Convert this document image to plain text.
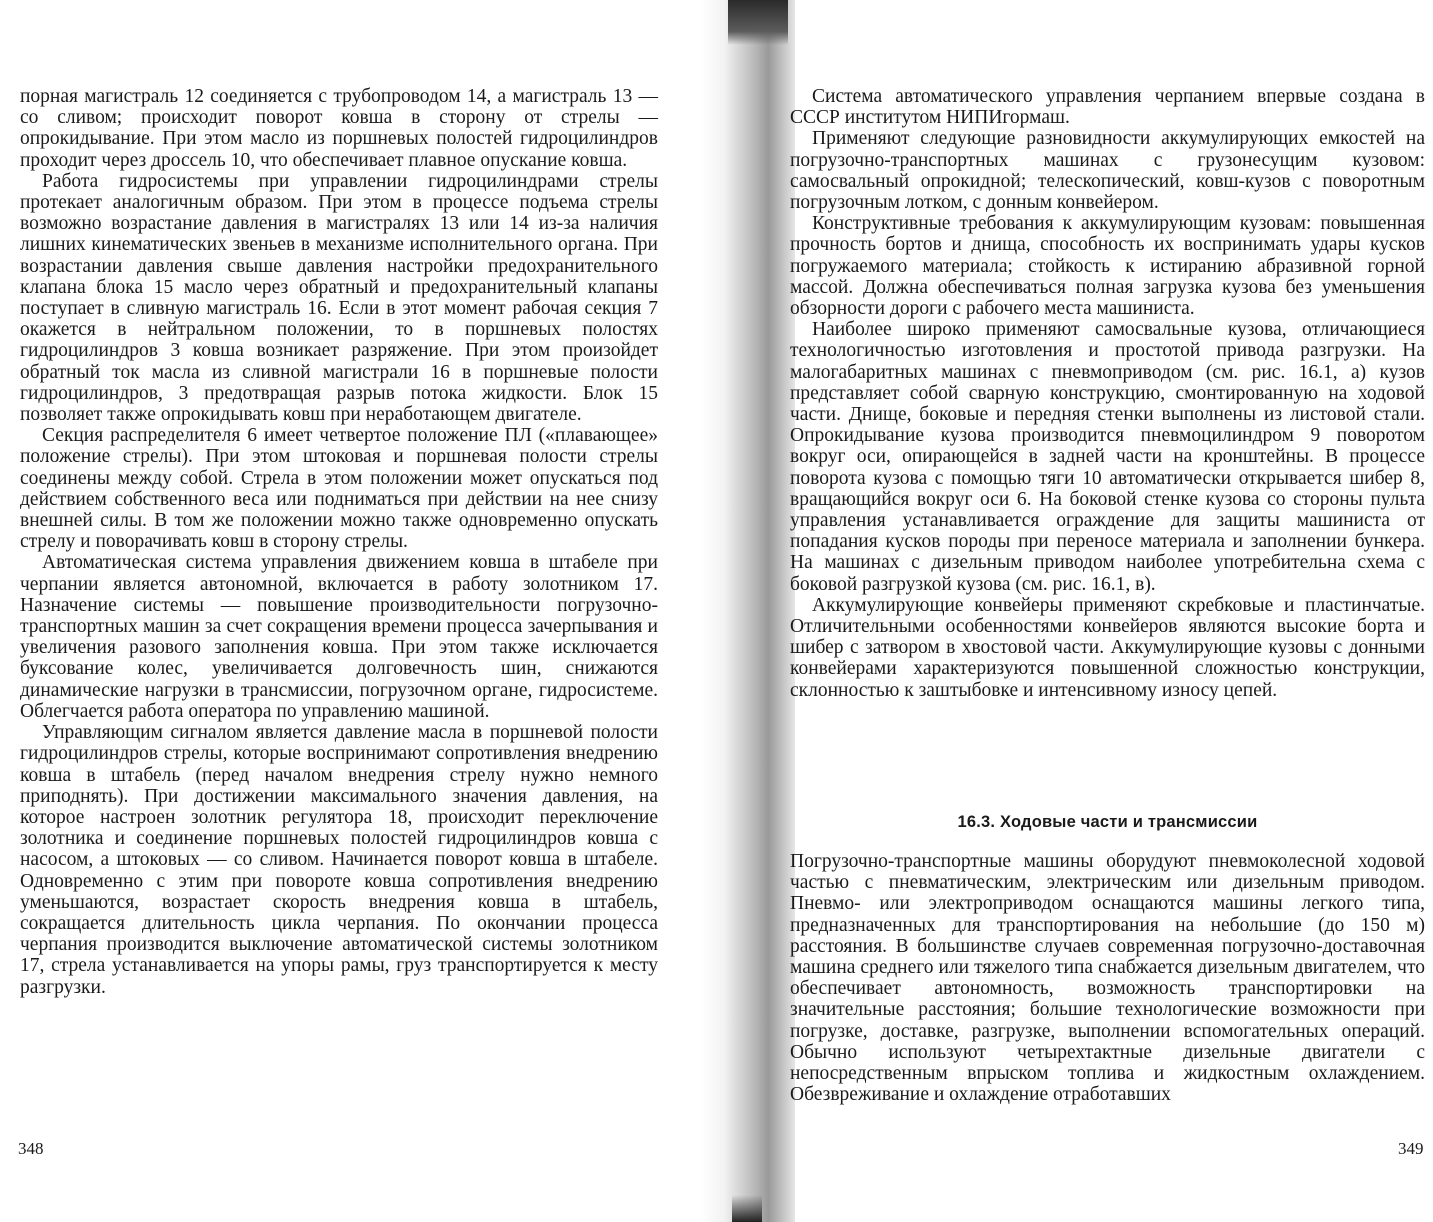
порная магистраль 12 соединяется с трубопроводом 14, а магистраль 13 — со сливом; происходит поворот ковша в сторону от стрелы — опрокидывание. При этом масло из поршневых полостей гидроцилиндров проходит через дроссель 10, что обеспечивает плавное опускание ковша.

Работа гидросистемы при управлении гидроцилиндрами стрелы протекает аналогичным образом. При этом в процессе подъема стрелы возможно возрастание давления в магистралях 13 или 14 из-за наличия лишних кинематических звеньев в механизме исполнительного органа. При возрастании давления свыше давления настройки предохранительного клапана блока 15 масло через обратный и предохранительный клапаны поступает в сливную магистраль 16. Если в этот момент рабочая секция 7 окажется в нейтральном положении, то в поршневых полостях гидроцилиндров 3 ковша возникает разряжение. При этом произойдет обратный ток масла из сливной магистрали 16 в поршневые полости гидроцилиндров, 3 предотвращая разрыв потока жидкости. Блок 15 позволяет также опрокидывать ковш при неработающем двигателе.

Секция распределителя 6 имеет четвертое положение ПЛ («плавающее» положение стрелы). При этом штоковая и поршневая полости стрелы соединены между собой. Стрела в этом положении может опускаться под действием собственного веса или подниматься при действии на нее снизу внешней силы. В том же положении можно также одновременно опускать стрелу и поворачивать ковш в сторону стрелы.

Автоматическая система управления движением ковша в штабеле при черпании является автономной, включается в работу золотником 17. Назначение системы — повышение производительности погрузочно-транспортных машин за счет сокращения времени процесса зачерпывания и увеличения разового заполнения ковша. При этом также исключается буксование колес, увеличивается долговечность шин, снижаются динамические нагрузки в трансмиссии, погрузочном органе, гидросистеме. Облегчается работа оператора по управлению машиной.

Управляющим сигналом является давление масла в поршневой полости гидроцилиндров стрелы, которые воспринимают сопротивления внедрению ковша в штабель (перед началом внедрения стрелу нужно немного приподнять). При достижении максимального значения давления, на которое настроен золотник регулятора 18, происходит переключение золотника и соединение поршневых полостей гидроцилиндров ковша с насосом, а штоковых — со сливом. Начинается поворот ковша в штабеле. Одновременно с этим при повороте ковша сопротивления внедрению уменьшаются, возрастает скорость внедрения ковша в штабель, сокращается длительность цикла черпания. По окончании процесса черпания производится выключение автоматической системы золотником 17, стрела устанавливается на упоры рамы, груз транспортируется к месту разгрузки.

348

Система автоматического управления черпанием впервые создана в СССР институтом НИПИгормаш.

Применяют следующие разновидности аккумулирующих емкостей на погрузочно-транспортных машинах с грузонесущим кузовом: самосвальный опрокидной; телескопический, ковш-кузов с поворотным погрузочным лотком, с донным конвейером.

Конструктивные требования к аккумулирующим кузовам: повышенная прочность бортов и днища, способность их воспринимать удары кусков погружаемого материала; стойкость к истиранию абразивной горной массой. Должна обеспечиваться полная загрузка кузова без уменьшения обзорности дороги с рабочего места машиниста.

Наиболее широко применяют самосвальные кузова, отличающиеся технологичностью изготовления и простотой привода разгрузки. На малогабаритных машинах с пневмоприводом (см. рис. 16.1, а) кузов представляет собой сварную конструкцию, смонтированную на ходовой части. Днище, боковые и передняя стенки выполнены из листовой стали. Опрокидывание кузова производится пневмоцилиндром 9 поворотом вокруг оси, опирающейся в задней части на кронштейны. В процессе поворота кузова с помощью тяги 10 автоматически открывается шибер 8, вращающийся вокруг оси 6. На боковой стенке кузова со стороны пульта управления устанавливается ограждение для защиты машиниста от попадания кусков породы при переносе материала и заполнении бункера. На машинах с дизельным приводом наиболее употребительна схема с боковой разгрузкой кузова (см. рис. 16.1, в).

Аккумулирующие конвейеры применяют скребковые и пластинчатые. Отличительными особенностями конвейеров являются высокие борта и шибер с затвором в хвостовой части. Аккумулирующие кузовы с донными конвейерами характеризуются повышенной сложностью конструкции, склонностью к заштыбовке и интенсивному износу цепей.

16.3. Ходовые части и трансмиссии

Погрузочно-транспортные машины оборудуют пневмоколесной ходовой частью с пневматическим, электрическим или дизельным приводом. Пневмо- или электроприводом оснащаются машины легкого типа, предназначенных для транспортирования на небольшие (до 150 м) расстояния. В большинстве случаев современная погрузочно-доставочная машина среднего или тяжелого типа снабжается дизельным двигателем, что обеспечивает автономность, возможность транспортировки на значительные расстояния; большие технологические возможности при погрузке, доставке, разгрузке, выполнении вспомогательных операций. Обычно используют четырехтактные дизельные двигатели с непосредственным впрыском топлива и жидкостным охлаждением. Обезвреживание и охлаждение отработавших

349
